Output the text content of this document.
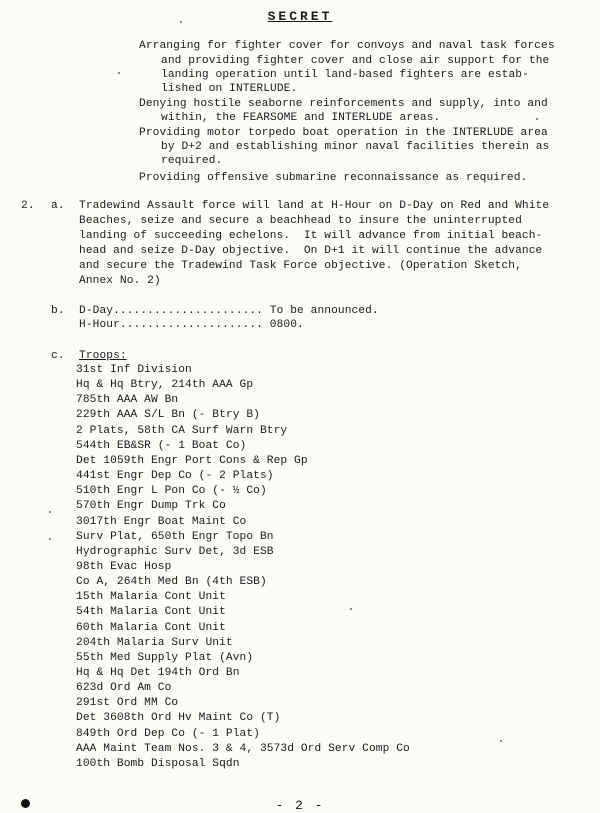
SECRET
Arranging for fighter cover for convoys and naval task forces
and providing fighter cover and close air support for the
landing operation until land-based fighters are estab-
lished on INTERLUDE.
Denying hostile seaborne reinforcements and supply, into and
within, the FEARSOME and INTERLUDE areas.
Providing motor torpedo boat operation in the INTERLUDE area
by D+2 and establishing minor naval facilities therein as
required.
Providing offensive submarine reconnaissance as required.
2. a. Tradewind Assault force will land at H-Hour on D-Day on Red and White
Beaches, seize and secure a beachhead to insure the uninterrupted
landing of succeeding echelons.  It will advance from initial beach-
head and seize D-Day objective.  On D+1 it will continue the advance
and secure the Tradewind Task Force objective. (Operation Sketch,
Annex No. 2)
b. D-Day...................... To be announced.
H-Hour..................... 0800.
c. Troops:
31st Inf Division
Hq & Hq Btry, 214th AAA Gp
785th AAA AW Bn
229th AAA S/L Bn (- Btry B)
2 Plats, 58th CA Surf Warn Btry
544th EB&SR (- 1 Boat Co)
Det 1059th Engr Port Cons & Rep Gp
441st Engr Dep Co (- 2 Plats)
510th Engr L Pon Co (- ½ Co)
570th Engr Dump Trk Co
3017th Engr Boat Maint Co
Surv Plat, 650th Engr Topo Bn
Hydrographic Surv Det, 3d ESB
98th Evac Hosp
Co A, 264th Med Bn (4th ESB)
15th Malaria Cont Unit
54th Malaria Cont Unit
60th Malaria Cont Unit
204th Malaria Surv Unit
55th Med Supply Plat (Avn)
Hq & Hq Det 194th Ord Bn
623d Ord Am Co
291st Ord MM Co
Det 3608th Ord Hv Maint Co (T)
849th Ord Dep Co (- 1 Plat)
AAA Maint Team Nos. 3 & 4, 3573d Ord Serv Comp Co
100th Bomb Disposal Sqdn
- 2 -
